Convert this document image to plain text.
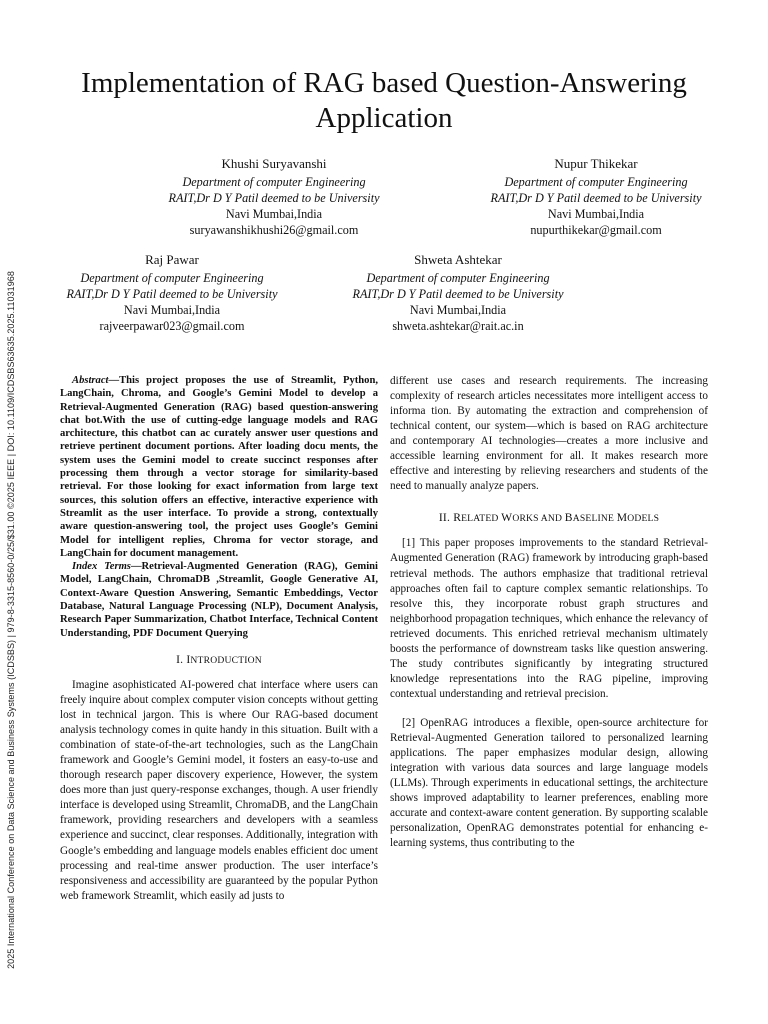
2025 International Conference on Data Science and Business Systems (ICDSBS) | 979-8-3315-8560-0/25/$31.00 ©2025 IEEE | DOI: 10.1109/ICDSBS63635.2025.11031968
Implementation of RAG based Question-Answering Application
Khushi Suryavanshi
Department of computer Engineering
RAIT,Dr D Y Patil deemed to be University
Navi Mumbai,India
suryawanshikhushi26@gmail.com
Nupur Thikekar
Department of computer Engineering
RAIT,Dr D Y Patil deemed to be University
Navi Mumbai,India
nupurthikekar@gmail.com
Raj Pawar
Department of computer Engineering
RAIT,Dr D Y Patil deemed to be University
Navi Mumbai,India
rajveerpawar023@gmail.com
Shweta Ashtekar
Department of computer Engineering
RAIT,Dr D Y Patil deemed to be University
Navi Mumbai,India
shweta.ashtekar@rait.ac.in

Abstract—This project proposes the use of Streamlit, Python, LangChain, Chroma, and Google’s Gemini Model to develop a Retrieval-Augmented Generation (RAG) based question-answering chat bot.With the use of cutting-edge language models and RAG architecture, this chatbot can ac curately answer user questions and retrieve pertinent document portions. After loading docu ments, the system uses the Gemini model to create succinct responses after processing them through a vector storage for similarity-based retrieval. For those looking for exact information from large text sources, this solution offers an effective, interactive experience with Streamlit as the user interface. To provide a strong, contextually aware question-answering tool, the project uses Google’s Gemini Model for intelligent replies, Chroma for vector storage, and LangChain for document management.

Index Terms—Retrieval-Augmented Generation (RAG), Gemini Model, LangChain, ChromaDB ,Streamlit, Google Generative AI, Context-Aware Question Answering, Semantic Embeddings, Vector Database, Natural Language Processing (NLP), Document Analysis, Research Paper Summarization, Chatbot Interface, Technical Content Understanding, PDF Document Querying

I. INTRODUCTION

Imagine asophisticated AI-powered chat interface where users can freely inquire about complex computer vision concepts without getting lost in technical jargon. This is where Our RAG-based document analysis technology comes in quite handy in this situation. Built with a combination of state-of-the-art technologies, such as the LangChain framework and Google’s Gemini model, it fosters an easy-to-use and thorough research paper discovery experience, However, the system does more than just query-response exchanges, though. A user friendly interface is developed using Streamlit, ChromaDB, and the LangChain framework, providing researchers and developers with a seamless experience and succinct, clear responses. Additionally, integration with Google’s embedding and language models enables efficient doc ument processing and real-time answer production. The user interface’s responsiveness and accessibility are guaranteed by the popular Python web framework Streamlit, which easily ad justs to

different use cases and research requirements. The increasing complexity of research articles necessitates more intelligent access to informa tion. By automating the extraction and comprehension of technical content, our system—which is based on RAG architecture and contemporary AI technologies—creates a more inclusive and accessible learning environment for all. It makes research more effective and interesting by relieving researchers and students of the need to manually analyze papers.

II. RELATED WORKS AND BASELINE MODELS

[1] This paper proposes improvements to the standard Retrieval-Augmented Generation (RAG) framework by introducing graph-based retrieval methods. The authors emphasize that traditional retrieval approaches often fail to capture complex semantic relationships. To resolve this, they incorporate robust graph structures and neighborhood propagation techniques, which enhance the relevancy of retrieved documents. This enriched retrieval mechanism ultimately boosts the performance of downstream tasks like question answering. The study contributes significantly by integrating structured knowledge representations into the RAG pipeline, improving contextual understanding and retrieval precision.

[2] OpenRAG introduces a flexible, open-source architecture for Retrieval-Augmented Generation tailored to personalized learning applications. The paper emphasizes modular design, allowing integration with various data sources and large language models (LLMs). Through experiments in educational settings, the architecture shows improved adaptability to learner preferences, enabling more accurate and context-aware content generation. By supporting scalable personalization, OpenRAG demonstrates potential for enhancing e-learning systems, thus contributing to the
